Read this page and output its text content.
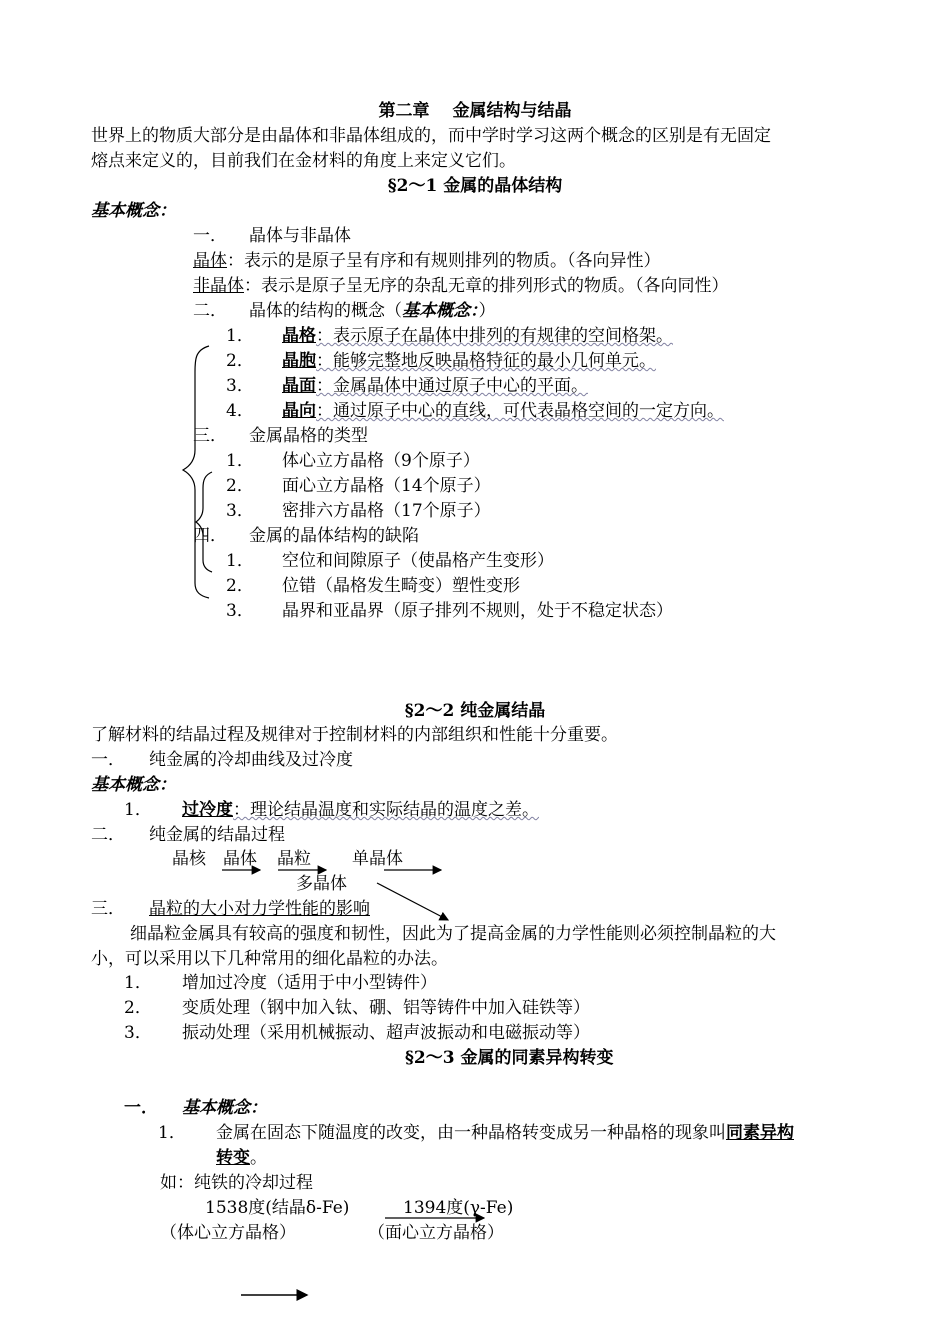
第二章　 金属结构与结晶
世界上的物质大部分是由晶体和非晶体组成的，而中学时学习这两个概念的区别是有无固定
熔点来定义的，目前我们在金材料的角度上来定义它们。
§2～1 金属的晶体结构
基本概念：
一． 晶体与非晶体
晶体：表示的是原子呈有序和有规则排列的物质。（各向异性）
非晶体：表示是原子呈无序的杂乱无章的排列形式的物质。（各向同性）
二． 晶体的结构的概念（基本概念：）
1． 晶格：表示原子在晶体中排列的有规律的空间格架。
2． 晶胞：能够完整地反映晶格特征的最小几何单元。
3． 晶面：金属晶体中通过原子中心的平面。
4． 晶向：通过原子中心的直线，可代表晶格空间的一定方向。
三． 金属晶格的类型
1． 体心立方晶格（9个原子）
2． 面心立方晶格（14个原子）
3． 密排六方晶格（17个原子）
四． 金属的晶体结构的缺陷
1． 空位和间隙原子（使晶格产生变形）
2． 位错（晶格发生畸变）塑性变形
3． 晶界和亚晶界（原子排列不规则，处于不稳定状态）
§2～2 纯金属结晶
了解材料的结晶过程及规律对于控制材料的内部组织和性能十分重要。
一． 纯金属的冷却曲线及过冷度
基本概念：
1． 过冷度：理论结晶温度和实际结晶的温度之差。
二． 纯金属的结晶过程
晶核 晶体 晶粒 单晶体
多晶体
三． 晶粒的大小对力学性能的影响
细晶粒金属具有较高的强度和韧性，因此为了提高金属的力学性能则必须控制晶粒的大
小，可以采用以下几种常用的细化晶粒的办法。
1． 增加过冷度（适用于中小型铸件）
2． 变质处理（钢中加入钛、硼、铝等铸件中加入硅铁等）
3． 振动处理（采用机械振动、超声波振动和电磁振动等）
§2～3 金属的同素异构转变
一． 基本概念：
1． 金属在固态下随温度的改变，由一种晶格转变成另一种晶格的现象叫同素异构
转变。
如：纯铁的冷却过程
1538度(结晶δ-Fe)	1394度(γ-Fe)
（体心立方晶格）	（面心立方晶格）
